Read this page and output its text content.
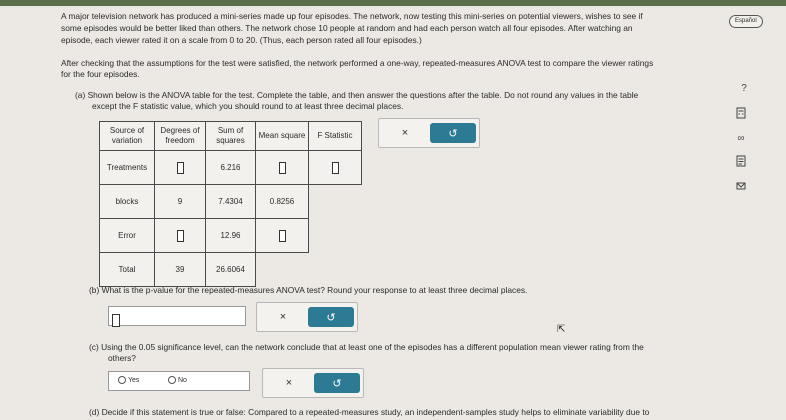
A major television network has produced a mini-series made up four episodes. The network, now testing this mini-series on potential viewers, wishes to see if
some episodes would be better liked than others. The network chose 10 people at random and had each person watch all four episodes. After watching an
episode, each viewer rated it on a scale from 0 to 20. (Thus, each person rated all four episodes.)
After checking that the assumptions for the test were satisfied, the network performed a one-way, repeated-measures ANOVA test to compare the viewer ratings
for the four episodes.
(a) Shown below is the ANOVA table for the test. Complete the table, and then answer the questions after the table. Do not round any values in the table
except the F statistic value, which you should round to at least three decimal places.
Español
?
∞
Source of
variation	Degrees of
freedom	Sum of
squares	Mean square	F Statistic
Treatments		6.216		
blocks	9	7.4304	0.8256	
Error		12.96		
Total	39	26.6064		
×	↺
(b) What is the p-value for the repeated-measures ANOVA test? Round your response to at least three decimal places.
×	↺
⇱
(c) Using the 0.05 significance level, can the network conclude that at least one of the episodes has a different population mean viewer rating from the
others?
Yes	No	×	↺
(d) Decide if this statement is true or false: Compared to a repeated-measures study, an independent-samples study helps to eliminate variability due to
